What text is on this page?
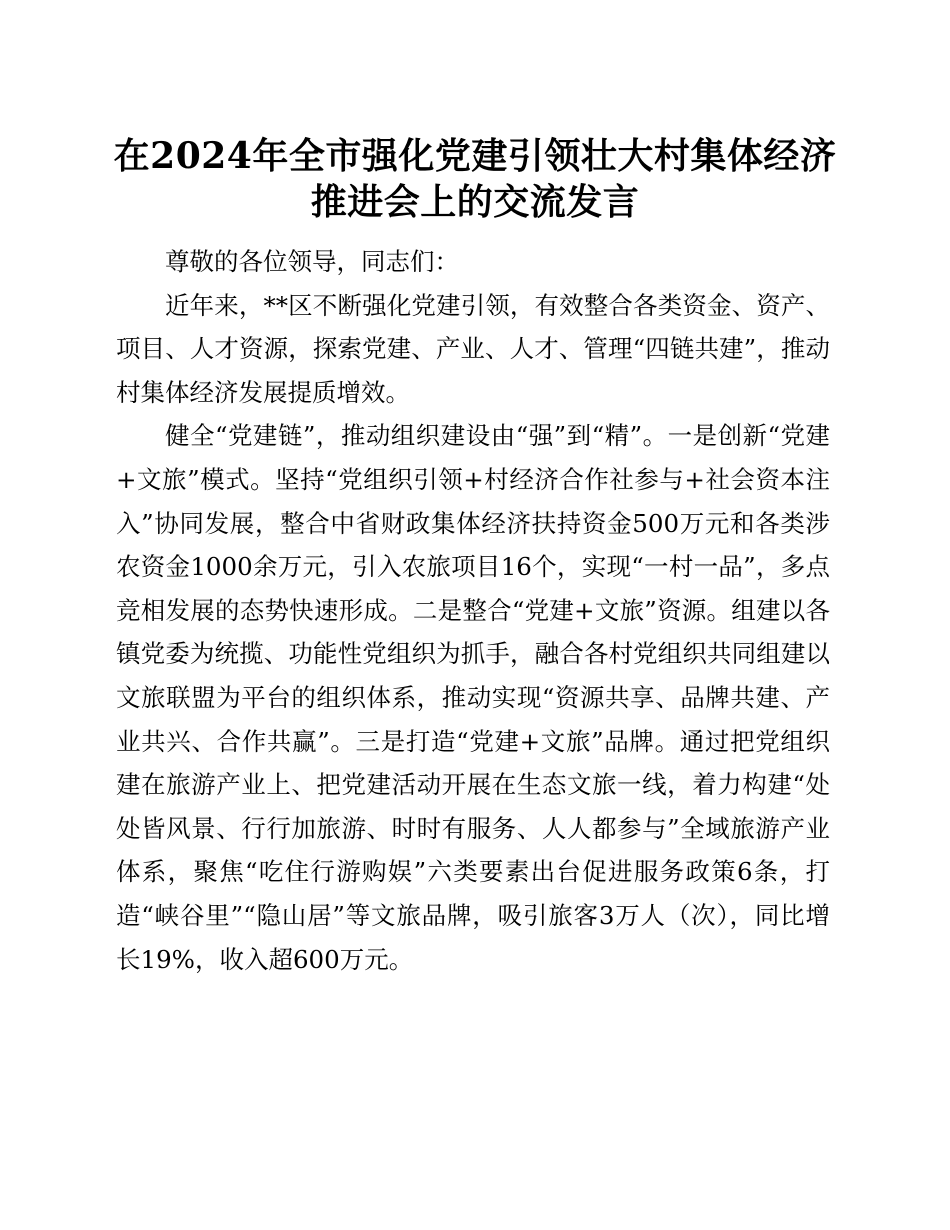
在2024年全市强化党建引领壮大村集体经济推进会上的交流发言

尊敬的各位领导，同志们：

近年来，**区不断强化党建引领，有效整合各类资金、资产、项目、人才资源，探索党建、产业、人才、管理“四链共建”，推动村集体经济发展提质增效。

健全“党建链”，推动组织建设由“强”到“精”。一是创新“党建+文旅”模式。坚持“党组织引领+村经济合作社参与+社会资本注入”协同发展，整合中省财政集体经济扶持资金500万元和各类涉农资金1000余万元，引入农旅项目16个，实现“一村一品”，多点竞相发展的态势快速形成。二是整合“党建+文旅”资源。组建以各镇党委为统揽、功能性党组织为抓手，融合各村党组织共同组建以文旅联盟为平台的组织体系，推动实现“资源共享、品牌共建、产业共兴、合作共赢”。三是打造“党建+文旅”品牌。通过把党组织建在旅游产业上、把党建活动开展在生态文旅一线，着力构建“处处皆风景、行行加旅游、时时有服务、人人都参与”全域旅游产业体系，聚焦“吃住行游购娱”六类要素出台促进服务政策6条，打造“峡谷里”“隐山居”等文旅品牌，吸引旅客3万人（次），同比增长19%，收入超600万元。
